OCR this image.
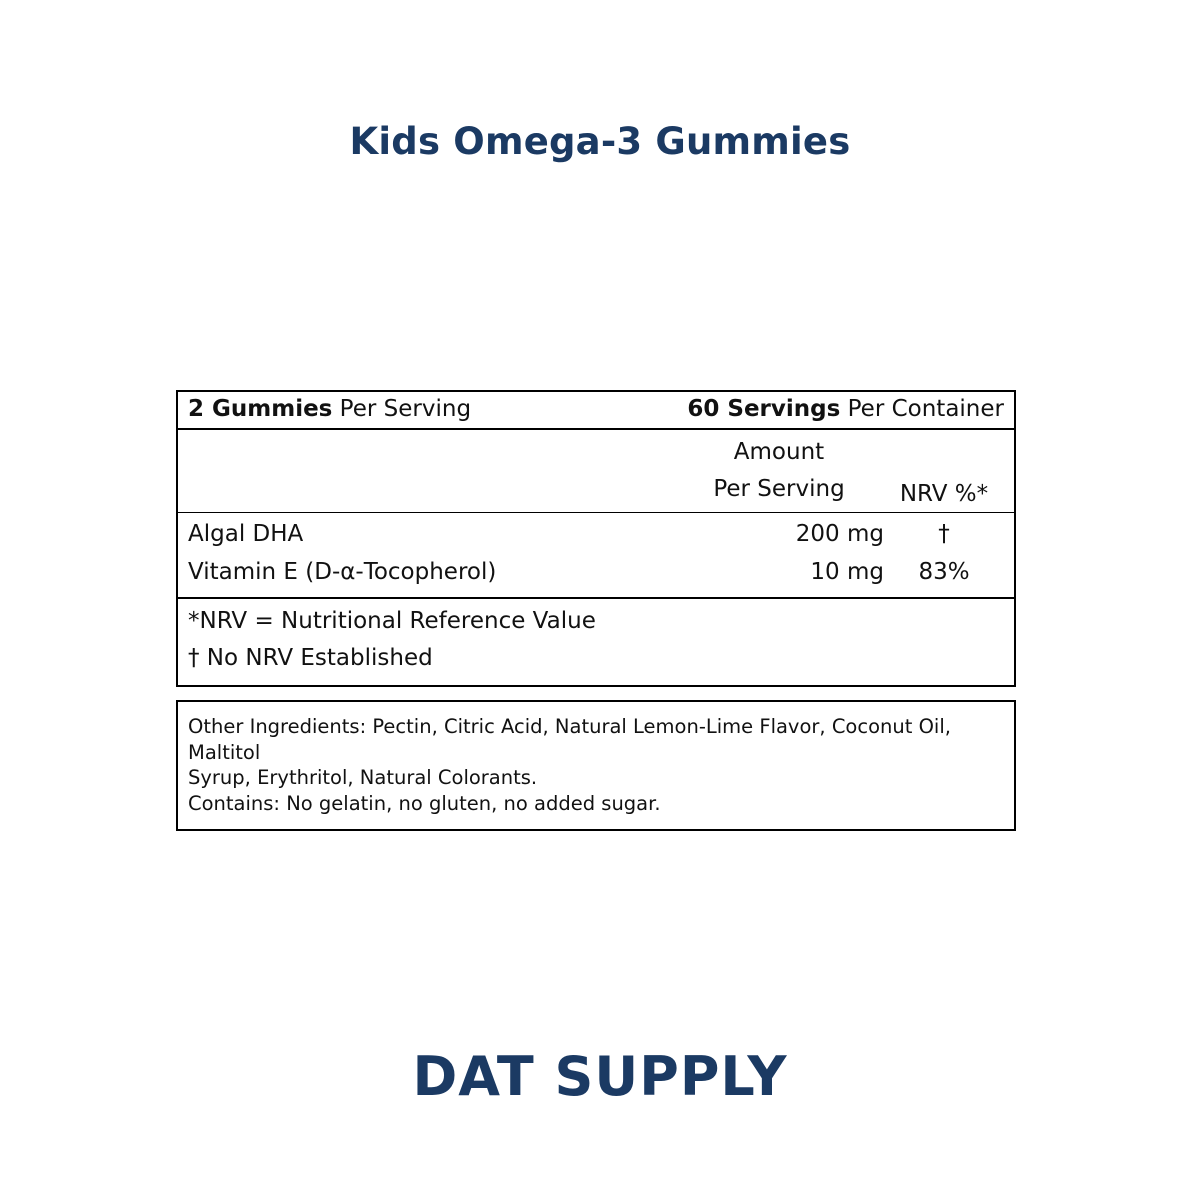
Kids Omega-3 Gummies
2 Gummies Per Serving	60 Servings Per Container
Amount
Per Serving	NRV %*
Algal DHA	200 mg	†
Vitamin E (D-α-Tocopherol)	10 mg	83%
*NRV = Nutritional Reference Value
† No NRV Established

Other Ingredients: Pectin, Citric Acid, Natural Lemon-Lime Flavor, Coconut Oil, Maltitol

Syrup, Erythritol, Natural Colorants.

Contains: No gelatin, no gluten, no added sugar.

DAT SUPPLY
